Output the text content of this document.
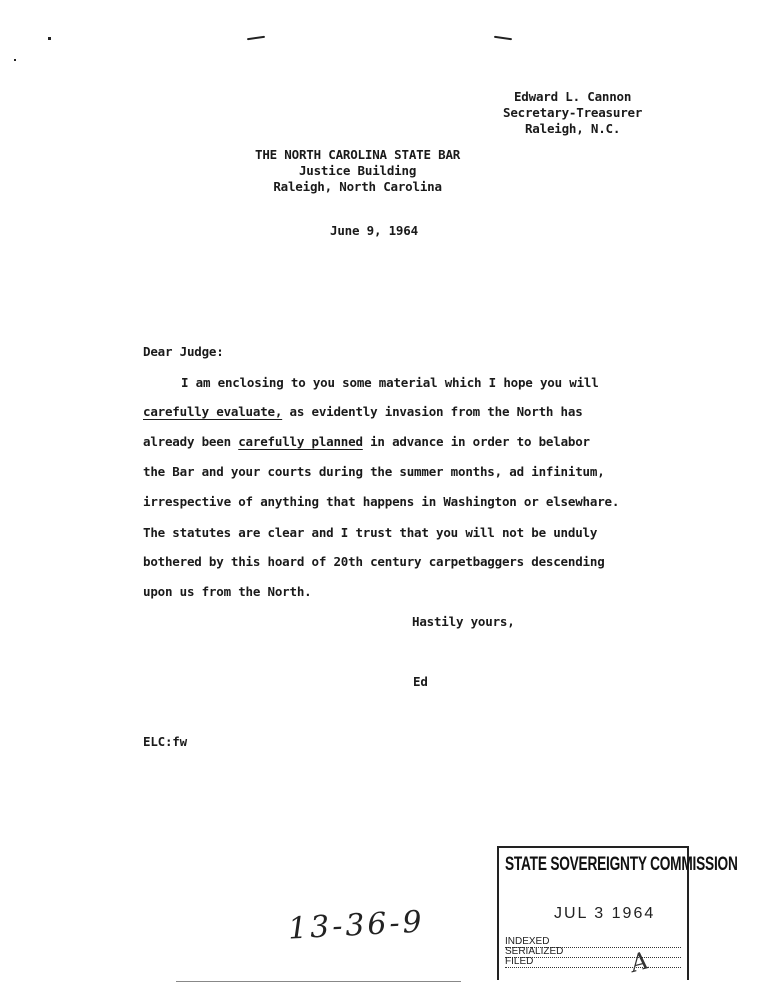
Edward L. Cannon
Secretary-Treasurer
Raleigh, N.C.
THE NORTH CAROLINA STATE BAR
Justice Building
Raleigh, North Carolina
June 9, 1964
Dear Judge:
I am enclosing to you some material which I hope you will
carefully evaluate, as evidently invasion from the North has
already been carefully planned in advance in order to belabor
the Bar and your courts during the summer months, ad infinitum,
irrespective of anything that happens in Washington or elsewhare.
The statutes are clear and I trust that you will not be unduly
bothered by this hoard of 20th century carpetbaggers descending
upon us from the North.
Hastily yours,
Ed
ELC:fw
13-36-9
STATE SOVEREIGNTY COMMISSION
JUL 3 1964
INDEXED
SERIALIZED
FILED	A
